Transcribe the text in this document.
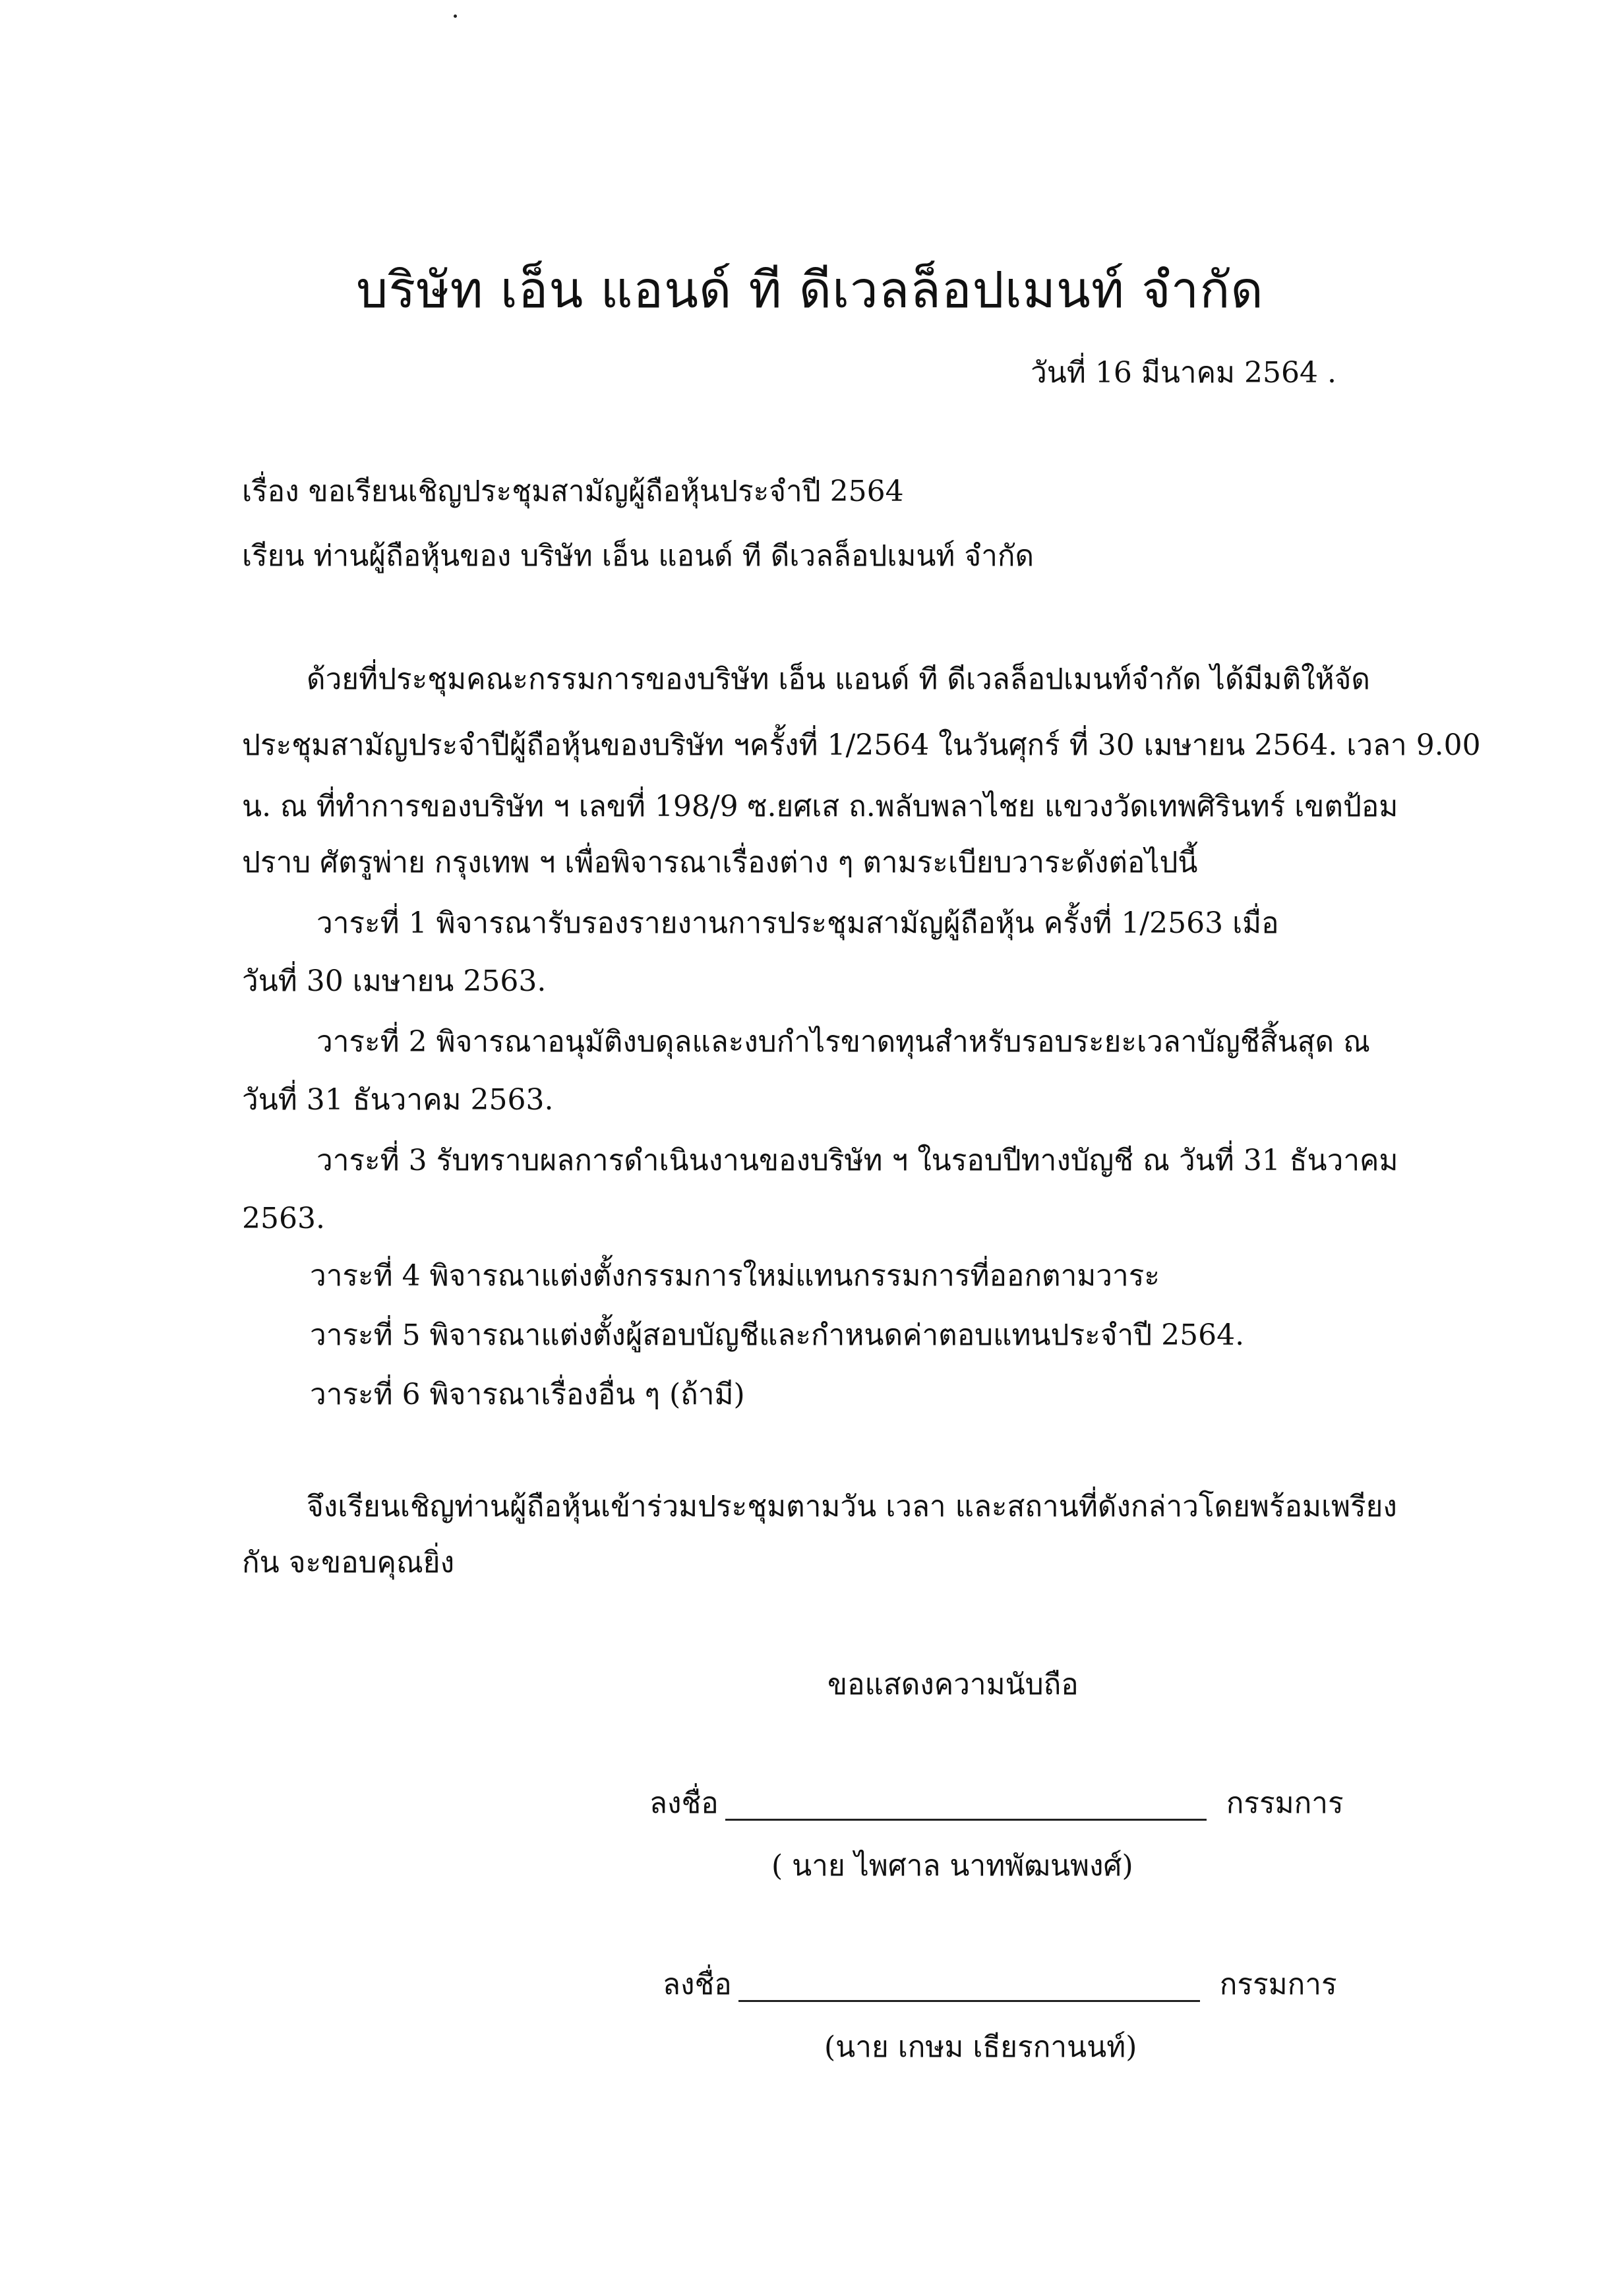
บริษัท เอ็น แอนด์ ที ดีเวลล็อปเมนท์ จำกัด
วันที่ 16 มีนาคม 2564 .
เรื่อง ขอเรียนเชิญประชุมสามัญผู้ถือหุ้นประจำปี 2564
เรียน ท่านผู้ถือหุ้นของ บริษัท เอ็น แอนด์ ที ดีเวลล็อปเมนท์ จำกัด
ด้วยที่ประชุมคณะกรรมการของบริษัท เอ็น แอนด์ ที ดีเวลล็อปเมนท์จำกัด ได้มีมติให้จัด
ประชุมสามัญประจำปีผู้ถือหุ้นของบริษัท ฯครั้งที่ 1/2564 ในวันศุกร์ ที่ 30 เมษายน 2564. เวลา 9.00
น. ณ ที่ทำการของบริษัท ฯ เลขที่ 198/9 ซ.ยศเส ถ.พลับพลาไชย แขวงวัดเทพศิรินทร์ เขตป้อม
ปราบ ศัตรูพ่าย กรุงเทพ ฯ เพื่อพิจารณาเรื่องต่าง ๆ ตามระเบียบวาระดังต่อไปนี้
วาระที่ 1 พิจารณารับรองรายงานการประชุมสามัญผู้ถือหุ้น ครั้งที่ 1/2563 เมื่อ
วันที่ 30 เมษายน 2563.
วาระที่ 2 พิจารณาอนุมัติงบดุลและงบกำไรขาดทุนสำหรับรอบระยะเวลาบัญชีสิ้นสุด ณ
วันที่ 31 ธันวาคม 2563.
วาระที่ 3 รับทราบผลการดำเนินงานของบริษัท ฯ ในรอบปีทางบัญชี ณ วันที่ 31 ธันวาคม
2563.
วาระที่ 4 พิจารณาแต่งตั้งกรรมการใหม่แทนกรรมการที่ออกตามวาระ
วาระที่ 5 พิจารณาแต่งตั้งผู้สอบบัญชีและกำหนดค่าตอบแทนประจำปี 2564.
วาระที่ 6 พิจารณาเรื่องอื่น ๆ (ถ้ามี)
จึงเรียนเชิญท่านผู้ถือหุ้นเข้าร่วมประชุมตามวัน เวลา และสถานที่ดังกล่าวโดยพร้อมเพรียง
กัน จะขอบคุณยิ่ง
ขอแสดงความนับถือ
ลงชื่อ	กรรมการ
( นาย ไพศาล นาทพัฒนพงศ์)
ลงชื่อ	กรรมการ
(นาย เกษม เธียรกานนท์)
